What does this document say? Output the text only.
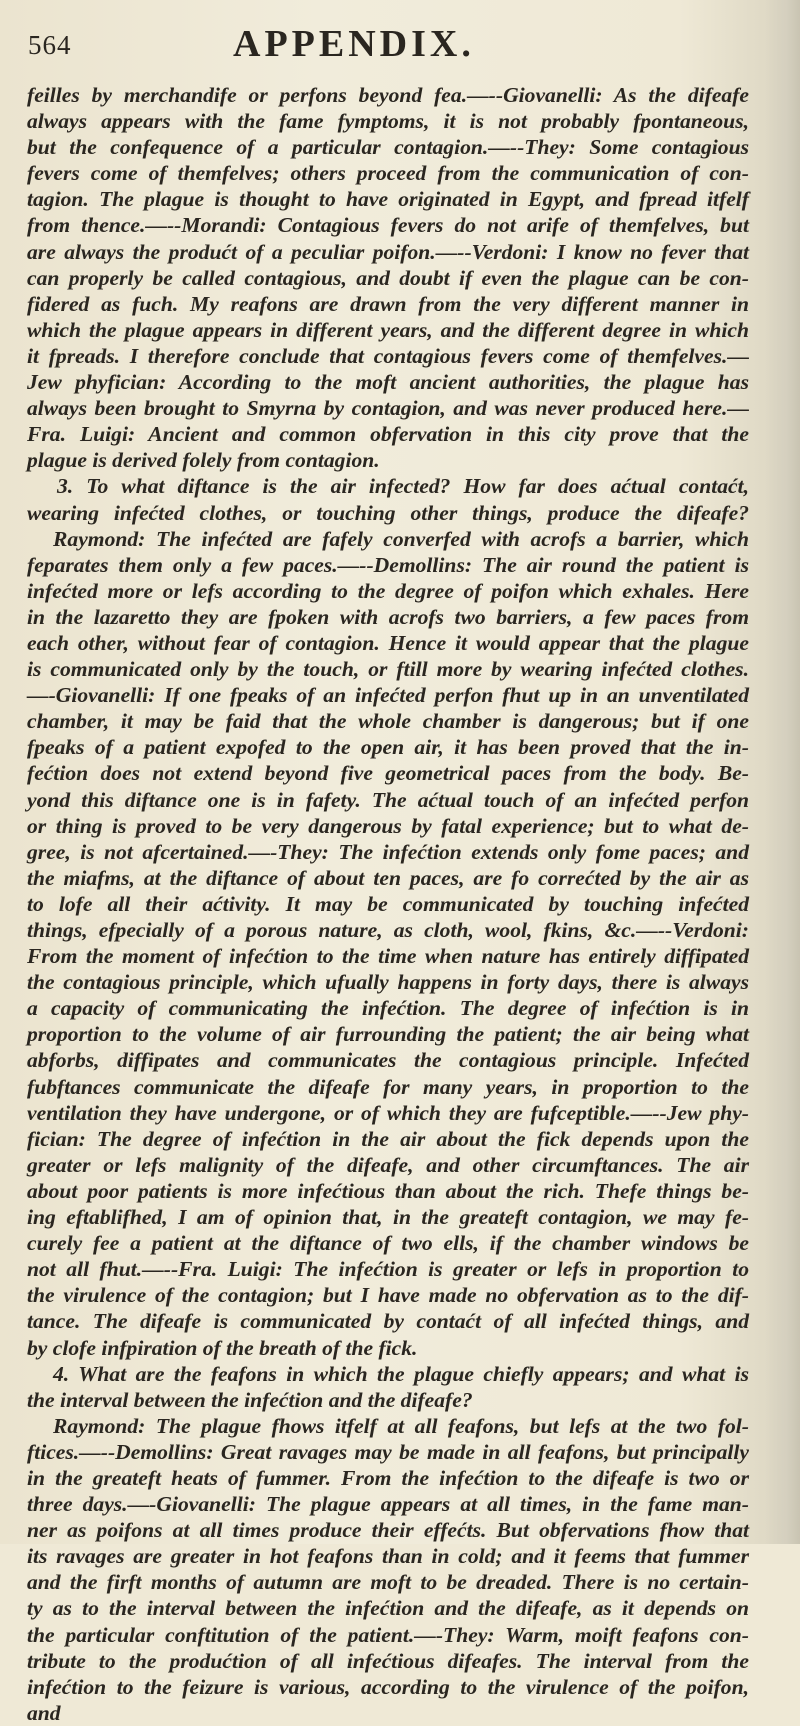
564	APPENDIX.
feilles by merchandife or perfons beyond fea.—--Giovanelli: As the difeafe
always appears with the fame fymptoms, it is not probably fpontaneous,
but the confequence of a particular contagion.—--They: Some contagious
fevers come of themfelves; others proceed from the communication of con-
tagion. The plague is thought to have originated in Egypt, and fpread itfelf
from thence.—--Morandi: Contagious fevers do not arife of themfelves, but
are always the produćt of a peculiar poifon.—--Verdoni: I know no fever that
can properly be called contagious, and doubt if even the plague can be con-
fidered as fuch. My reafons are drawn from the very different manner in
which the plague appears in different years, and the different degree in which
it fpreads. I therefore conclude that contagious fevers come of themfelves.—
Jew phyfician: According to the moft ancient authorities, the plague has
always been brought to Smyrna by contagion, and was never produced here.—
Fra. Luigi: Ancient and common obfervation in this city prove that the
plague is derived folely from contagion.
3. To what diftance is the air infected? How far does aćtual contaćt,
wearing infećted clothes, or touching other things, produce the difeafe?
Raymond: The infećted are fafely converfed with acrofs a barrier, which
feparates them only a few paces.—--Demollins: The air round the patient is
infećted more or lefs according to the degree of poifon which exhales. Here
in the lazaretto they are fpoken with acrofs two barriers, a few paces from
each other, without fear of contagion. Hence it would appear that the plague
is communicated only by the touch, or ftill more by wearing infećted clothes.
—-Giovanelli: If one fpeaks of an infećted perfon fhut up in an unventilated
chamber, it may be faid that the whole chamber is dangerous; but if one
fpeaks of a patient expofed to the open air, it has been proved that the in-
fećtion does not extend beyond five geometrical paces from the body. Be-
yond this diftance one is in fafety. The aćtual touch of an infećted perfon
or thing is proved to be very dangerous by fatal experience; but to what de-
gree, is not afcertained.—-They: The infećtion extends only fome paces; and
the miafms, at the diftance of about ten paces, are fo correćted by the air as
to lofe all their aćtivity. It may be communicated by touching infećted
things, efpecially of a porous nature, as cloth, wool, fkins, &c.—--Verdoni:
From the moment of infećtion to the time when nature has entirely diffipated
the contagious principle, which ufually happens in forty days, there is always
a capacity of communicating the infećtion. The degree of infećtion is in
proportion to the volume of air furrounding the patient; the air being what
abforbs, diffipates and communicates the contagious principle. Infećted
fubftances communicate the difeafe for many years, in proportion to the
ventilation they have undergone, or of which they are fufceptible.—--Jew phy-
fician: The degree of infećtion in the air about the fick depends upon the
greater or lefs malignity of the difeafe, and other circumftances. The air
about poor patients is more infećtious than about the rich. Thefe things be-
ing eftablifhed, I am of opinion that, in the greateft contagion, we may fe-
curely fee a patient at the diftance of two ells, if the chamber windows be
not all fhut.—--Fra. Luigi: The infećtion is greater or lefs in proportion to
the virulence of the contagion; but I have made no obfervation as to the dif-
tance. The difeafe is communicated by contaćt of all infećted things, and
by clofe infpiration of the breath of the fick.
4. What are the feafons in which the plague chiefly appears; and what is
the interval between the infećtion and the difeafe?
Raymond: The plague fhows itfelf at all feafons, but lefs at the two fol-
ftices.—--Demollins: Great ravages may be made in all feafons, but principally
in the greateft heats of fummer. From the infećtion to the difeafe is two or
three days.—-Giovanelli: The plague appears at all times, in the fame man-
ner as poifons at all times produce their effećts. But obfervations fhow that
its ravages are greater in hot feafons than in cold; and it feems that fummer
and the firft months of autumn are moft to be dreaded. There is no certain-
ty as to the interval between the infećtion and the difeafe, as it depends on
the particular conftitution of the patient.—-They: Warm, moift feafons con-
tribute to the produćtion of all infećtious difeafes. The interval from the
infećtion to the feizure is various, according to the virulence of the poifon,
and
